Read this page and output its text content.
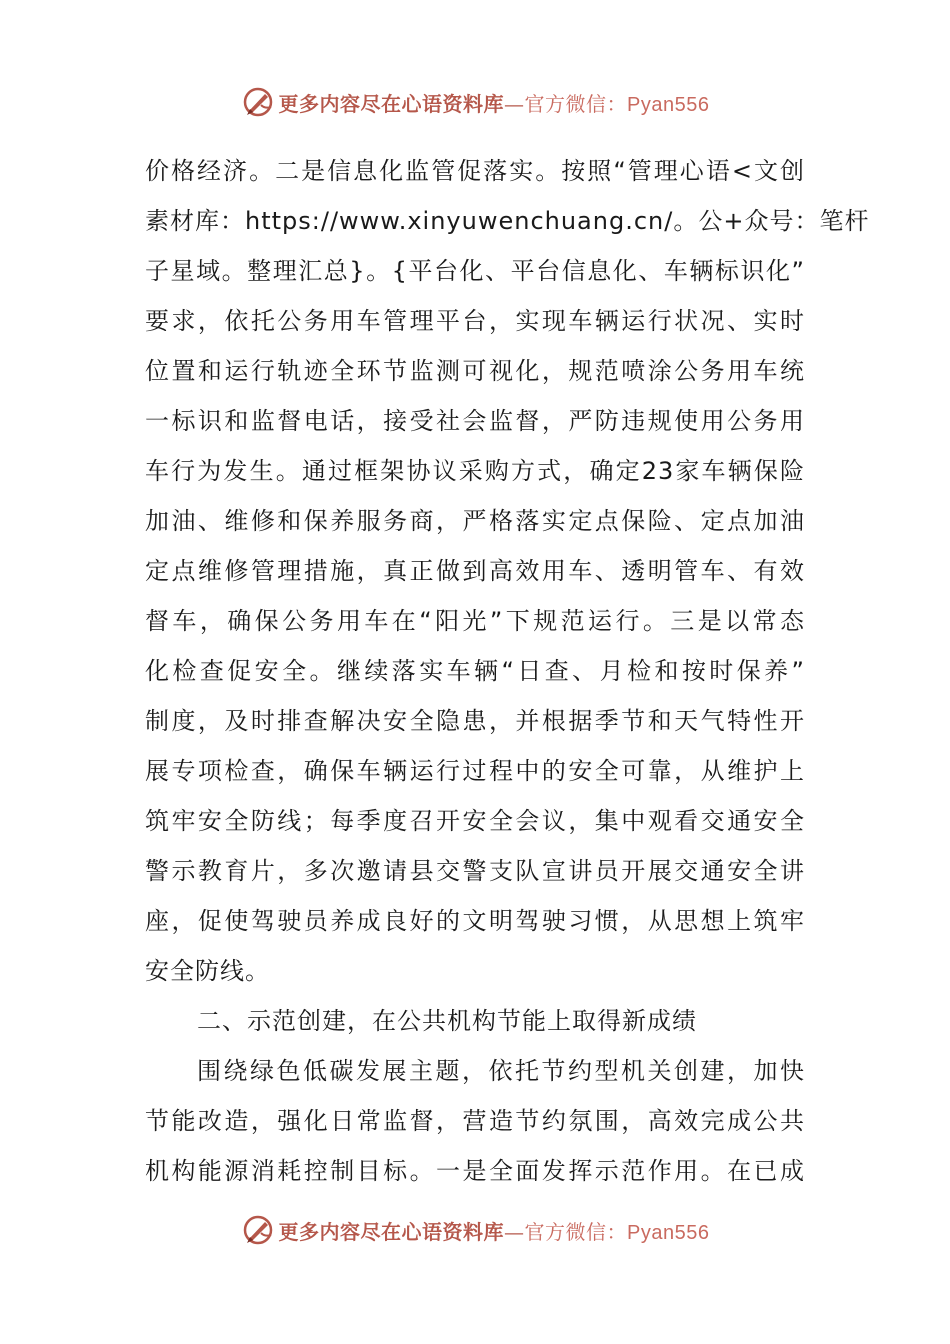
更多内容尽在心语资料库—官方微信：Pyan556
价格经济。二是信息化监管促落实。按照“管理心语<文创
素材库：https://www.xinyuwenchuang.cn/。公+众号：笔杆
子星域。整理汇总}。{平台化、平台信息化、车辆标识化”
要求，依托公务用车管理平台，实现车辆运行状况、实时
位置和运行轨迹全环节监测可视化，规范喷涂公务用车统
一标识和监督电话，接受社会监督，严防违规使用公务用
车行为发生。通过框架协议采购方式，确定23家车辆保险
加油、维修和保养服务商，严格落实定点保险、定点加油
定点维修管理措施，真正做到高效用车、透明管车、有效
督车，确保公务用车在“阳光”下规范运行。三是以常态
化检查促安全。继续落实车辆“日查、月检和按时保养”
制度，及时排查解决安全隐患，并根据季节和天气特性开
展专项检查，确保车辆运行过程中的安全可靠，从维护上
筑牢安全防线；每季度召开安全会议，集中观看交通安全
警示教育片，多次邀请县交警支队宣讲员开展交通安全讲
座，促使驾驶员养成良好的文明驾驶习惯，从思想上筑牢
安全防线。
二、示范创建，在公共机构节能上取得新成绩
围绕绿色低碳发展主题，依托节约型机关创建，加快
节能改造，强化日常监督，营造节约氛围，高效完成公共
机构能源消耗控制目标。一是全面发挥示范作用。在已成
更多内容尽在心语资料库—官方微信：Pyan556
